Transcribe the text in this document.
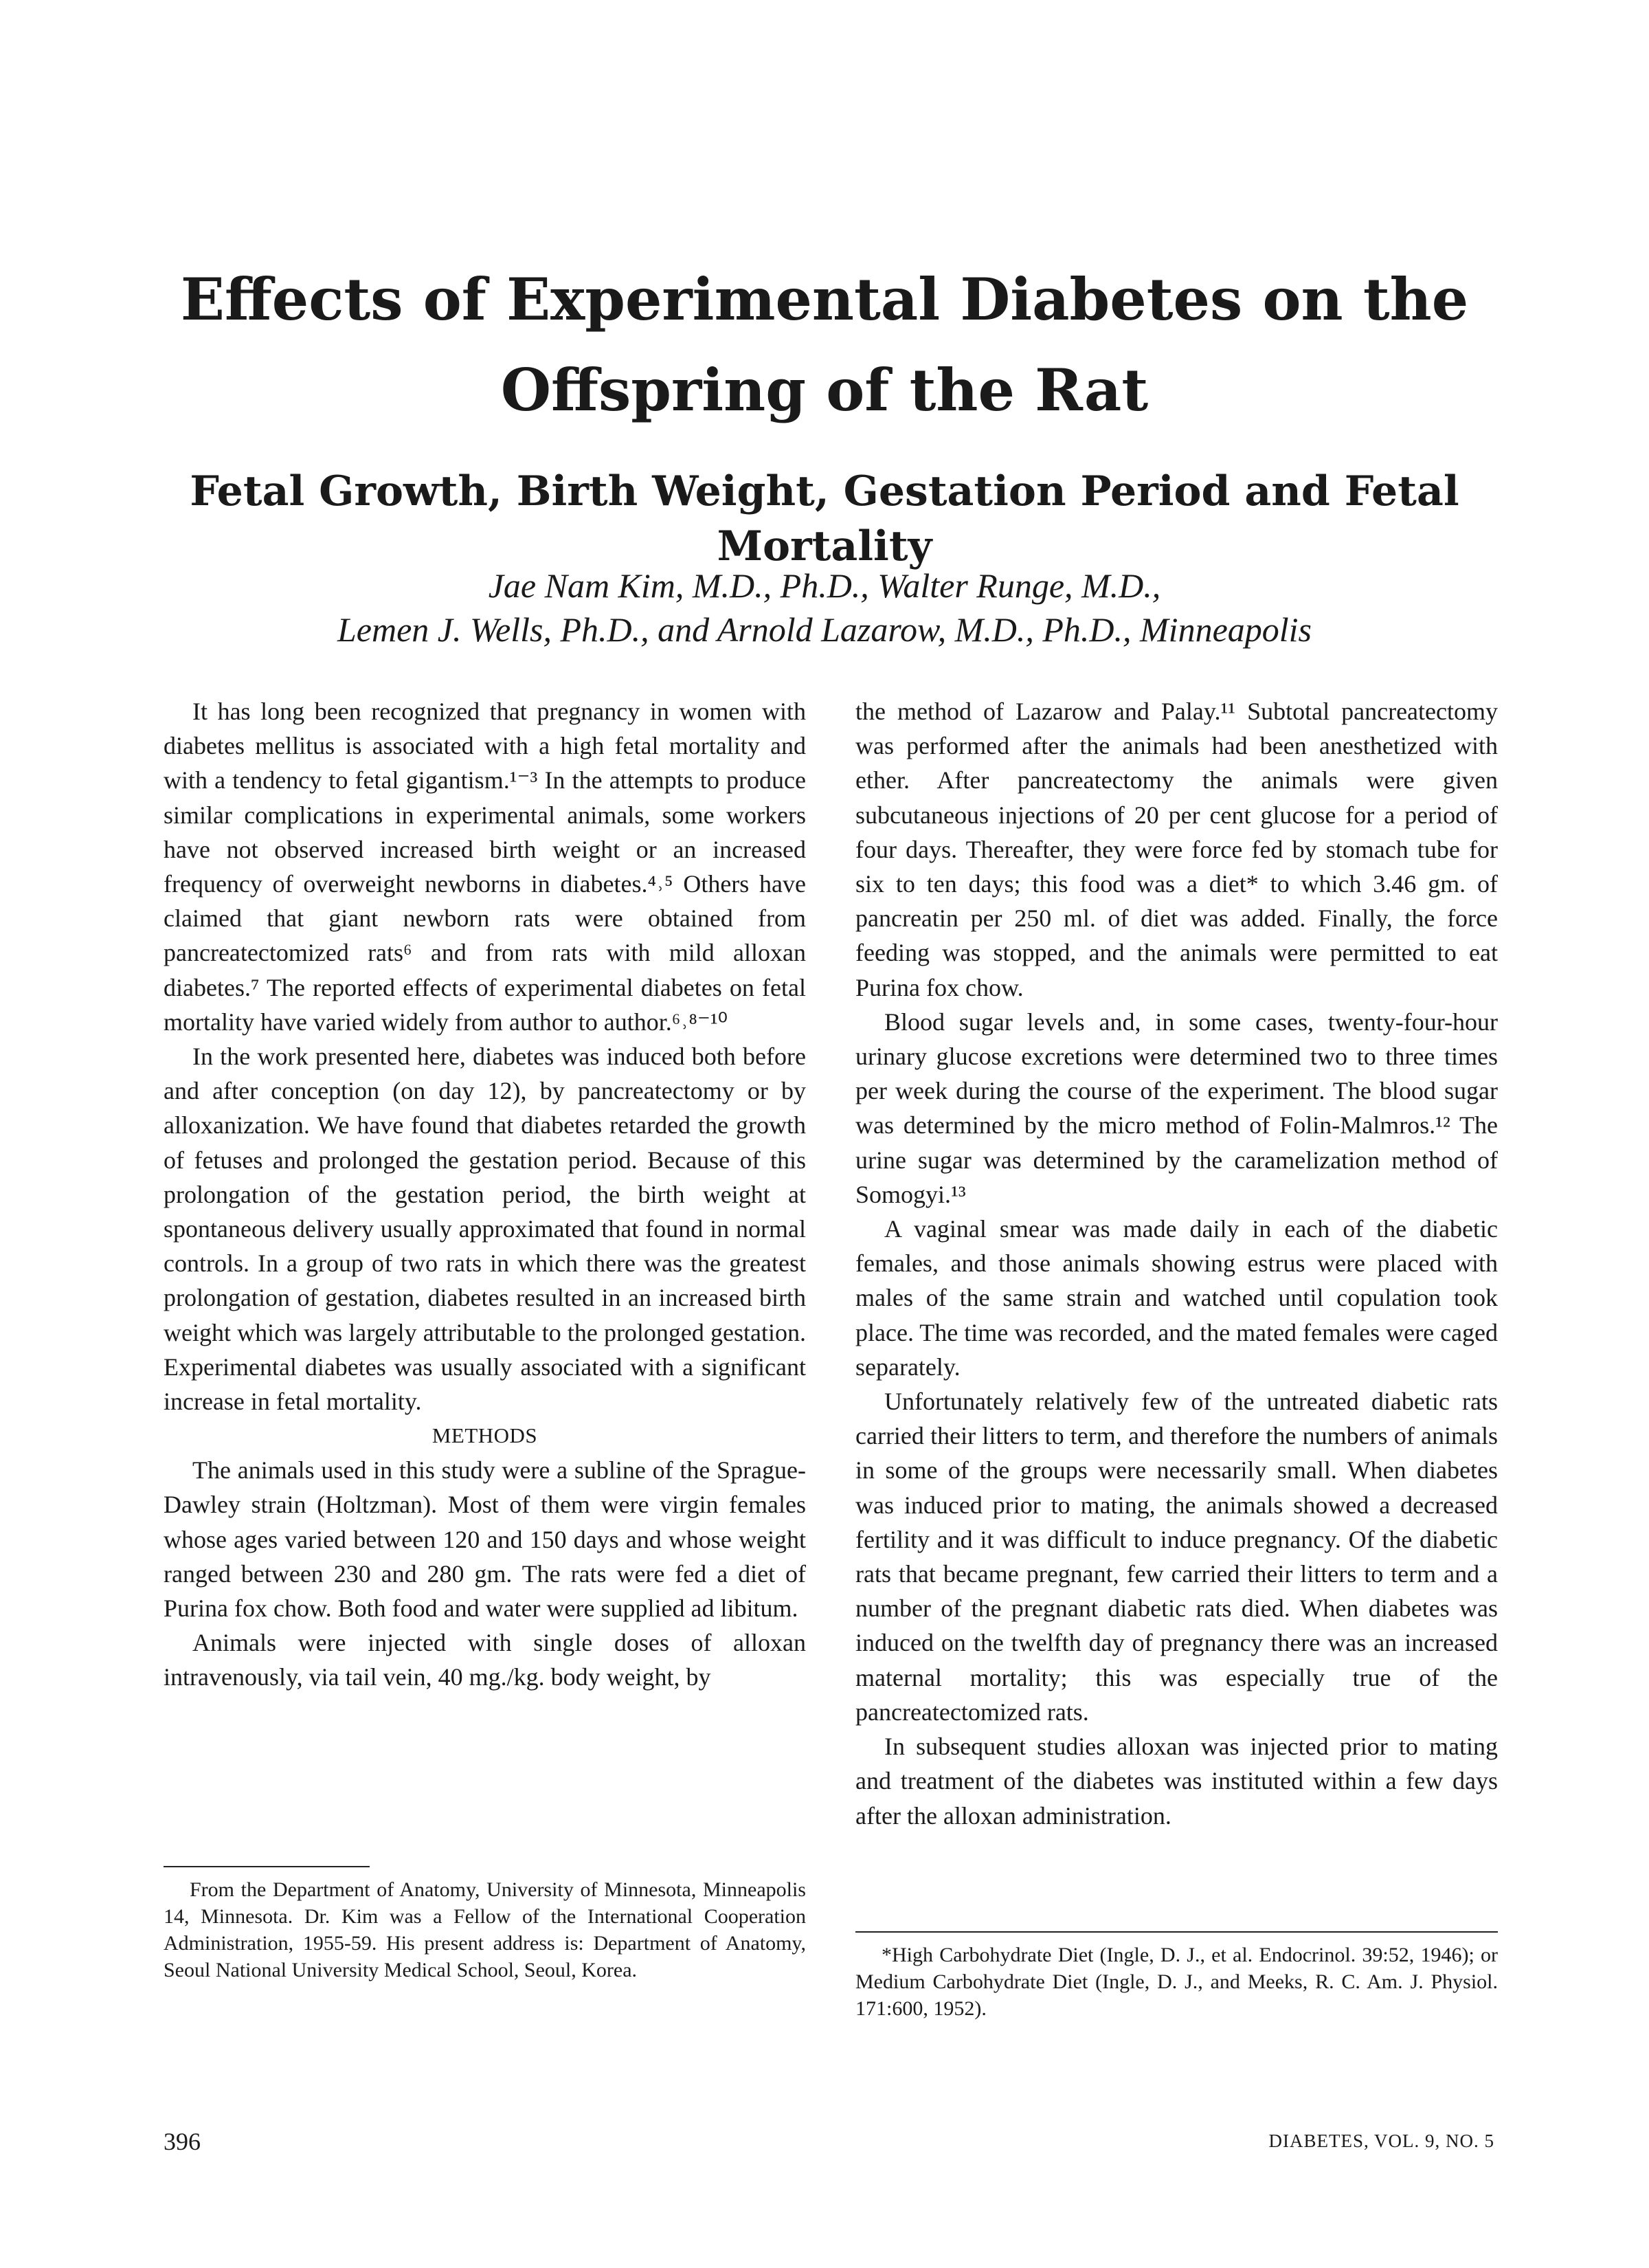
Effects of Experimental Diabetes on the
Offspring of the Rat
Fetal Growth, Birth Weight, Gestation Period and Fetal Mortality
Jae Nam Kim, M.D., Ph.D., Walter Runge, M.D.,
Lemen J. Wells, Ph.D., and Arnold Lazarow, M.D., Ph.D., Minneapolis

It has long been recognized that pregnancy in women with diabetes mellitus is associated with a high fetal mortality and with a tendency to fetal gigantism.¹⁻³ In the attempts to produce similar complications in experimental animals, some workers have not observed increased birth weight or an increased frequency of overweight newborns in diabetes.⁴˒⁵ Others have claimed that giant newborn rats were obtained from pancreatectomized rats⁶ and from rats with mild alloxan diabetes.⁷ The reported effects of experimental diabetes on fetal mortality have varied widely from author to author.⁶˒⁸⁻¹⁰

In the work presented here, diabetes was induced both before and after conception (on day 12), by pancreatectomy or by alloxanization. We have found that diabetes retarded the growth of fetuses and prolonged the gestation period. Because of this prolongation of the gestation period, the birth weight at spontaneous delivery usually approximated that found in normal controls. In a group of two rats in which there was the greatest prolongation of gestation, diabetes resulted in an increased birth weight which was largely attributable to the prolonged gestation. Experimental diabetes was usually associated with a significant increase in fetal mortality.

METHODS

The animals used in this study were a subline of the Sprague-Dawley strain (Holtzman). Most of them were virgin females whose ages varied between 120 and 150 days and whose weight ranged between 230 and 280 gm. The rats were fed a diet of Purina fox chow. Both food and water were supplied ad libitum.

Animals were injected with single doses of alloxan intravenously, via tail vein, 40 mg./kg. body weight, by

the method of Lazarow and Palay.¹¹ Subtotal pancreatectomy was performed after the animals had been anesthetized with ether. After pancreatectomy the animals were given subcutaneous injections of 20 per cent glucose for a period of four days. Thereafter, they were force fed by stomach tube for six to ten days; this food was a diet* to which 3.46 gm. of pancreatin per 250 ml. of diet was added. Finally, the force feeding was stopped, and the animals were permitted to eat Purina fox chow.

Blood sugar levels and, in some cases, twenty-four-hour urinary glucose excretions were determined two to three times per week during the course of the experiment. The blood sugar was determined by the micro method of Folin-Malmros.¹² The urine sugar was determined by the caramelization method of Somogyi.¹³

A vaginal smear was made daily in each of the diabetic females, and those animals showing estrus were placed with males of the same strain and watched until copulation took place. The time was recorded, and the mated females were caged separately.

Unfortunately relatively few of the untreated diabetic rats carried their litters to term, and therefore the numbers of animals in some of the groups were necessarily small. When diabetes was induced prior to mating, the animals showed a decreased fertility and it was difficult to induce pregnancy. Of the diabetic rats that became pregnant, few carried their litters to term and a number of the pregnant diabetic rats died. When diabetes was induced on the twelfth day of pregnancy there was an increased maternal mortality; this was especially true of the pancreatectomized rats.

In subsequent studies alloxan was injected prior to mating and treatment of the diabetes was instituted within a few days after the alloxan administration.

From the Department of Anatomy, University of Minnesota, Minneapolis 14, Minnesota. Dr. Kim was a Fellow of the International Cooperation Administration, 1955-59. His present address is: Department of Anatomy, Seoul National University Medical School, Seoul, Korea.

*High Carbohydrate Diet (Ingle, D. J., et al. Endocrinol. 39:52, 1946); or Medium Carbohydrate Diet (Ingle, D. J., and Meeks, R. C. Am. J. Physiol. 171:600, 1952).

396	DIABETES, VOL. 9, NO. 5
